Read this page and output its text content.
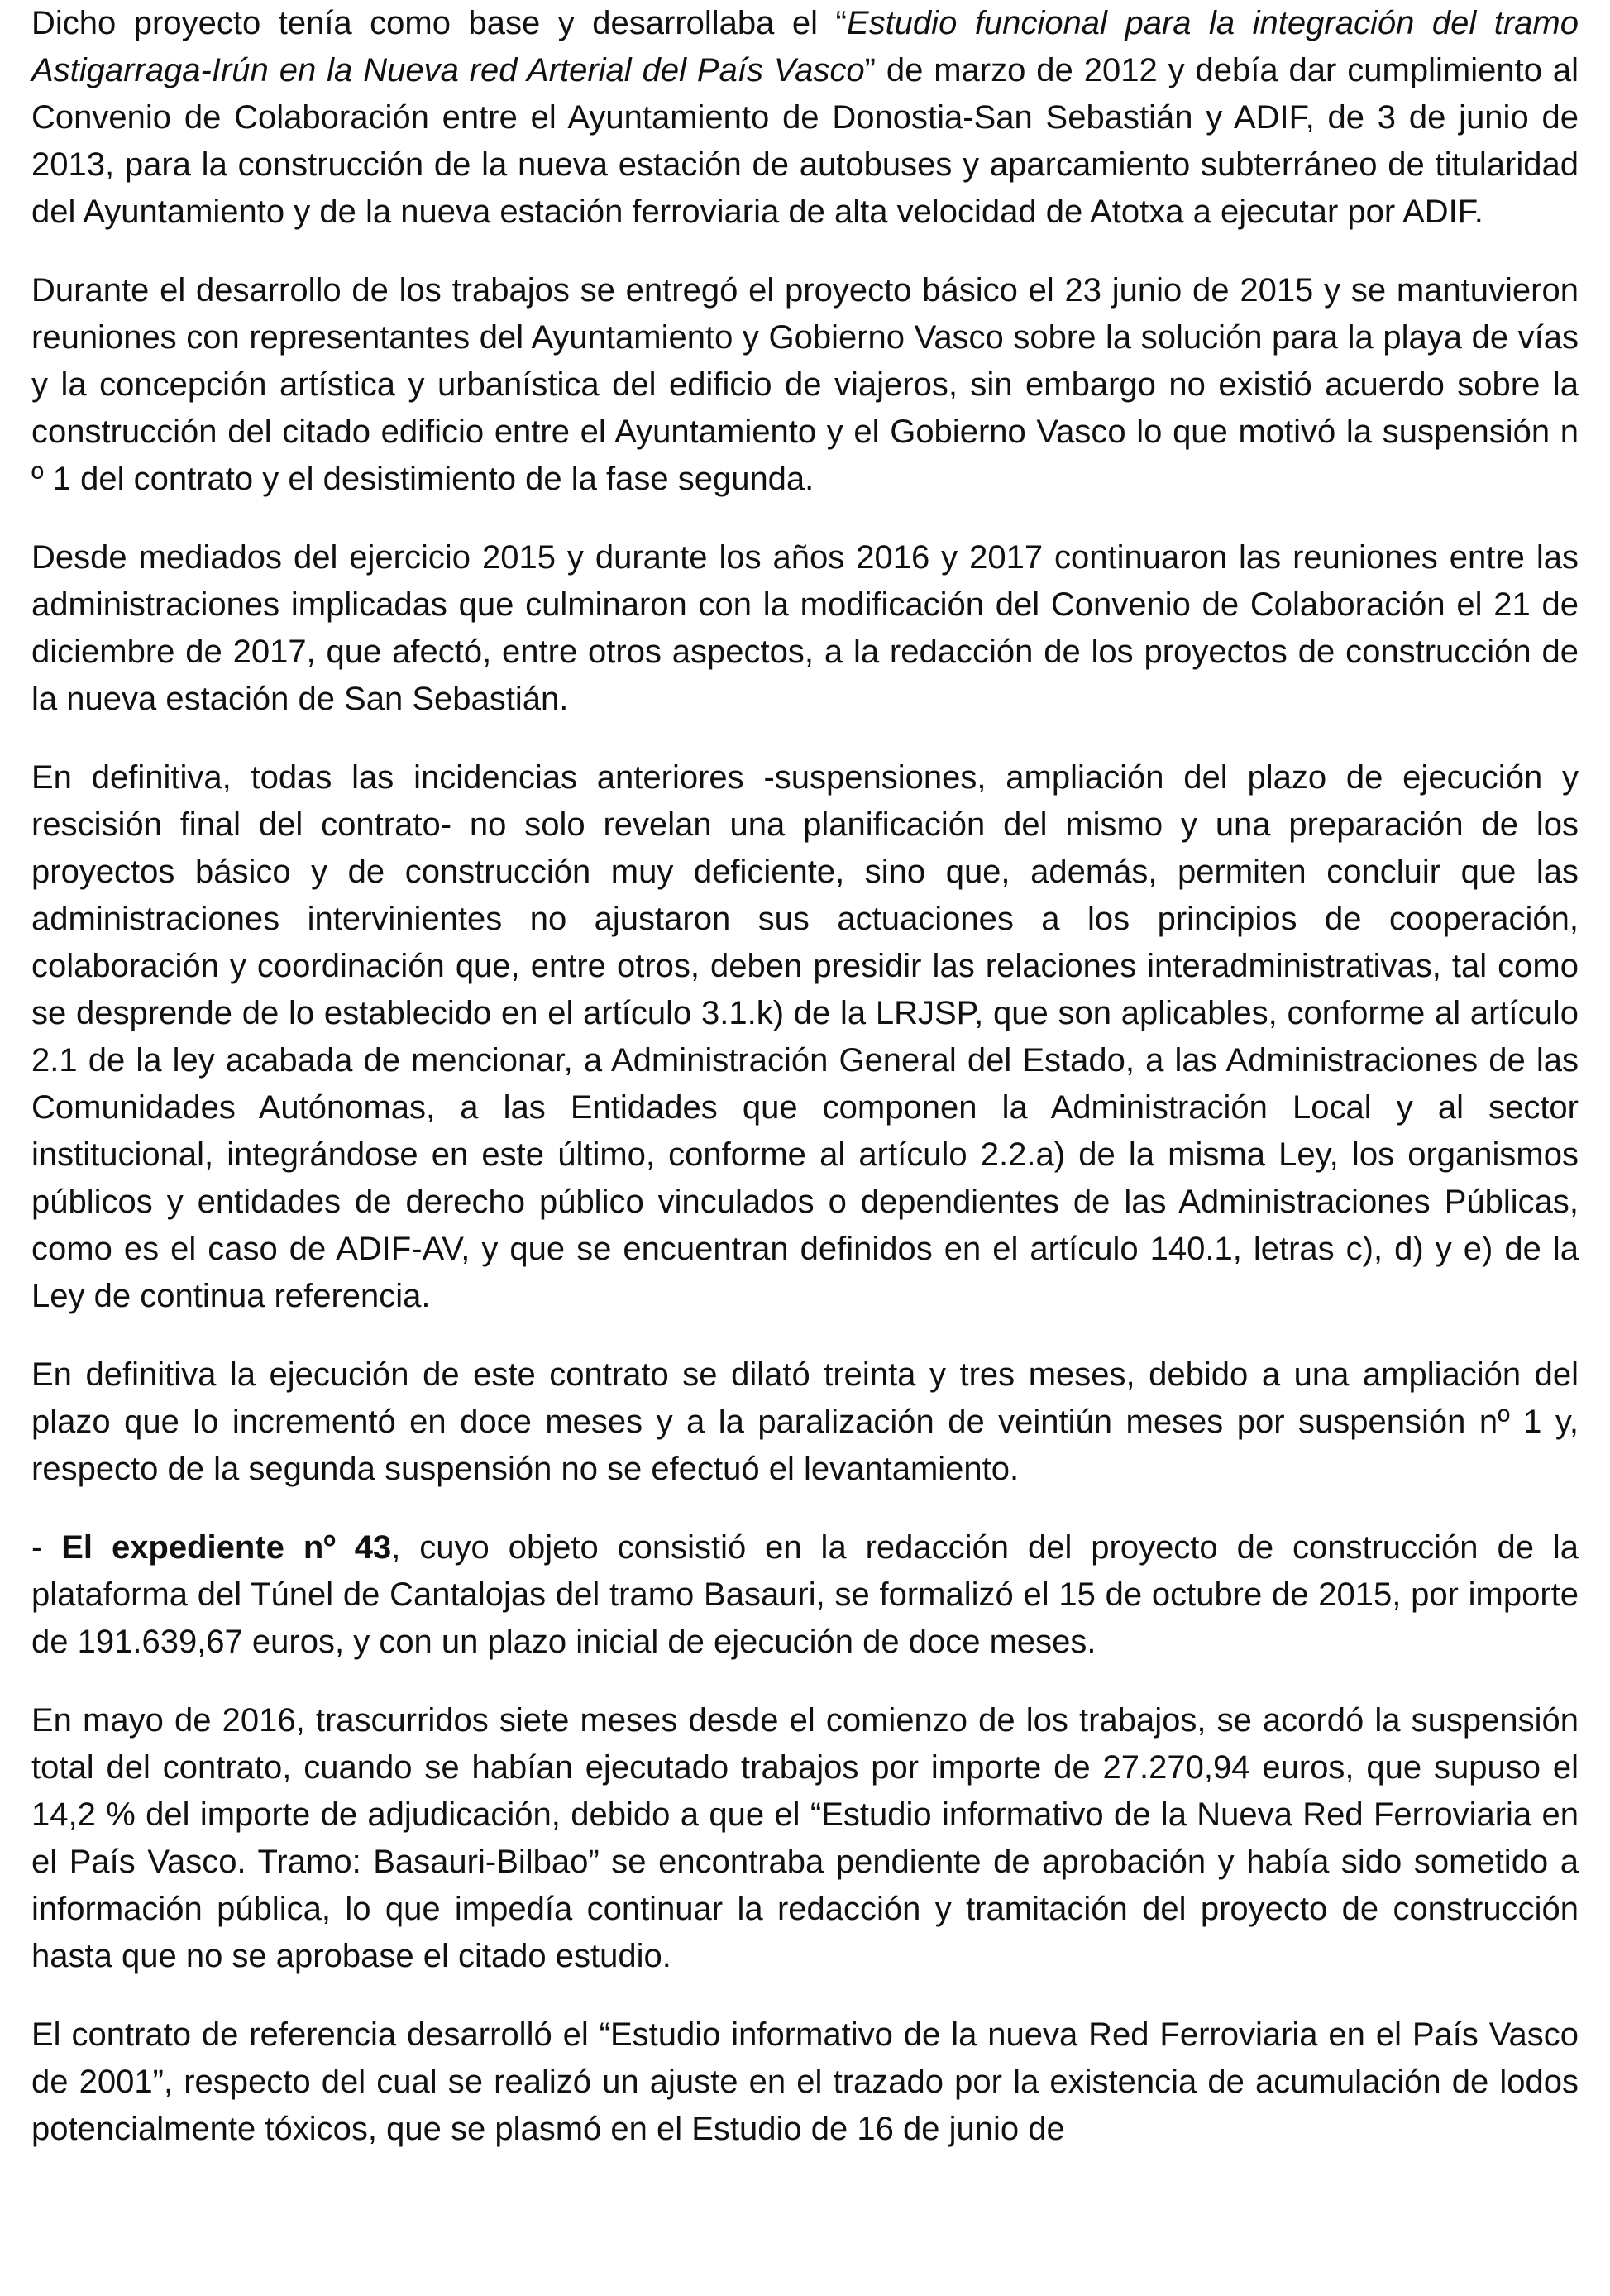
Dicho proyecto tenía como base y desarrollaba el “Estudio funcional para la integración del tramo Astigarraga-Irún en la Nueva red Arterial del País Vasco” de marzo de 2012 y debía dar cumplimiento al Convenio de Colaboración entre el Ayuntamiento de Donostia-San Sebastián y ADIF, de 3 de junio de 2013, para la construcción de la nueva estación de autobuses y aparcamiento subterráneo de titularidad del Ayuntamiento y de la nueva estación ferroviaria de alta velocidad de Atotxa a ejecutar por ADIF.

Durante el desarrollo de los trabajos se entregó el proyecto básico el 23 junio de 2015 y se mantuvieron reuniones con representantes del Ayuntamiento y Gobierno Vasco sobre la solución para la playa de vías y la concepción artística y urbanística del edificio de viajeros, sin embargo no existió acuerdo sobre la construcción del citado edificio entre el Ayuntamiento y el Gobierno Vasco lo que motivó la suspensión n º 1 del contrato y el desistimiento de la fase segunda.

Desde mediados del ejercicio 2015 y durante los años 2016 y 2017 continuaron las reuniones entre las administraciones implicadas que culminaron con la modificación del Convenio de Colaboración el 21 de diciembre de 2017, que afectó, entre otros aspectos, a la redacción de los proyectos de construcción de la nueva estación de San Sebastián.

En definitiva, todas las incidencias anteriores -suspensiones, ampliación del plazo de ejecución y rescisión final del contrato- no solo revelan una planificación del mismo y una preparación de los proyectos básico y de construcción muy deficiente, sino que, además, permiten concluir que las administraciones intervinientes no ajustaron sus actuaciones a los principios de cooperación, colaboración y coordinación que, entre otros, deben presidir las relaciones interadministrativas, tal como se desprende de lo establecido en el artículo 3.1.k) de la LRJSP, que son aplicables, conforme al artículo 2.1 de la ley acabada de mencionar, a Administración General del Estado, a las Administraciones de las Comunidades Autónomas, a las Entidades que componen la Administración Local y al sector institucional, integrándose en este último, conforme al artículo 2.2.a) de la misma Ley, los organismos públicos y entidades de derecho público vinculados o dependientes de las Administraciones Públicas, como es el caso de ADIF-AV, y que se encuentran definidos en el artículo 140.1, letras c), d) y e) de la Ley de continua referencia.

En definitiva la ejecución de este contrato se dilató treinta y tres meses, debido a una ampliación del plazo que lo incrementó en doce meses y a la paralización de veintiún meses por suspensión nº 1 y, respecto de la segunda suspensión no se efectuó el levantamiento.

- El expediente nº 43, cuyo objeto consistió en la redacción del proyecto de construcción de la plataforma del Túnel de Cantalojas del tramo Basauri, se formalizó el 15 de octubre de 2015, por importe de 191.639,67 euros, y con un plazo inicial de ejecución de doce meses.

En mayo de 2016, trascurridos siete meses desde el comienzo de los trabajos, se acordó la suspensión total del contrato, cuando se habían ejecutado trabajos por importe de 27.270,94 euros, que supuso el 14,2 % del importe de adjudicación, debido a que el “Estudio informativo de la Nueva Red Ferroviaria en el País Vasco. Tramo: Basauri-Bilbao” se encontraba pendiente de aprobación y había sido sometido a información pública, lo que impedía continuar la redacción y tramitación del proyecto de construcción hasta que no se aprobase el citado estudio.

El contrato de referencia desarrolló el “Estudio informativo de la nueva Red Ferroviaria en el País Vasco de 2001”, respecto del cual se realizó un ajuste en el trazado por la existencia de acumulación de lodos potencialmente tóxicos, que se plasmó en el Estudio de 16 de junio de
